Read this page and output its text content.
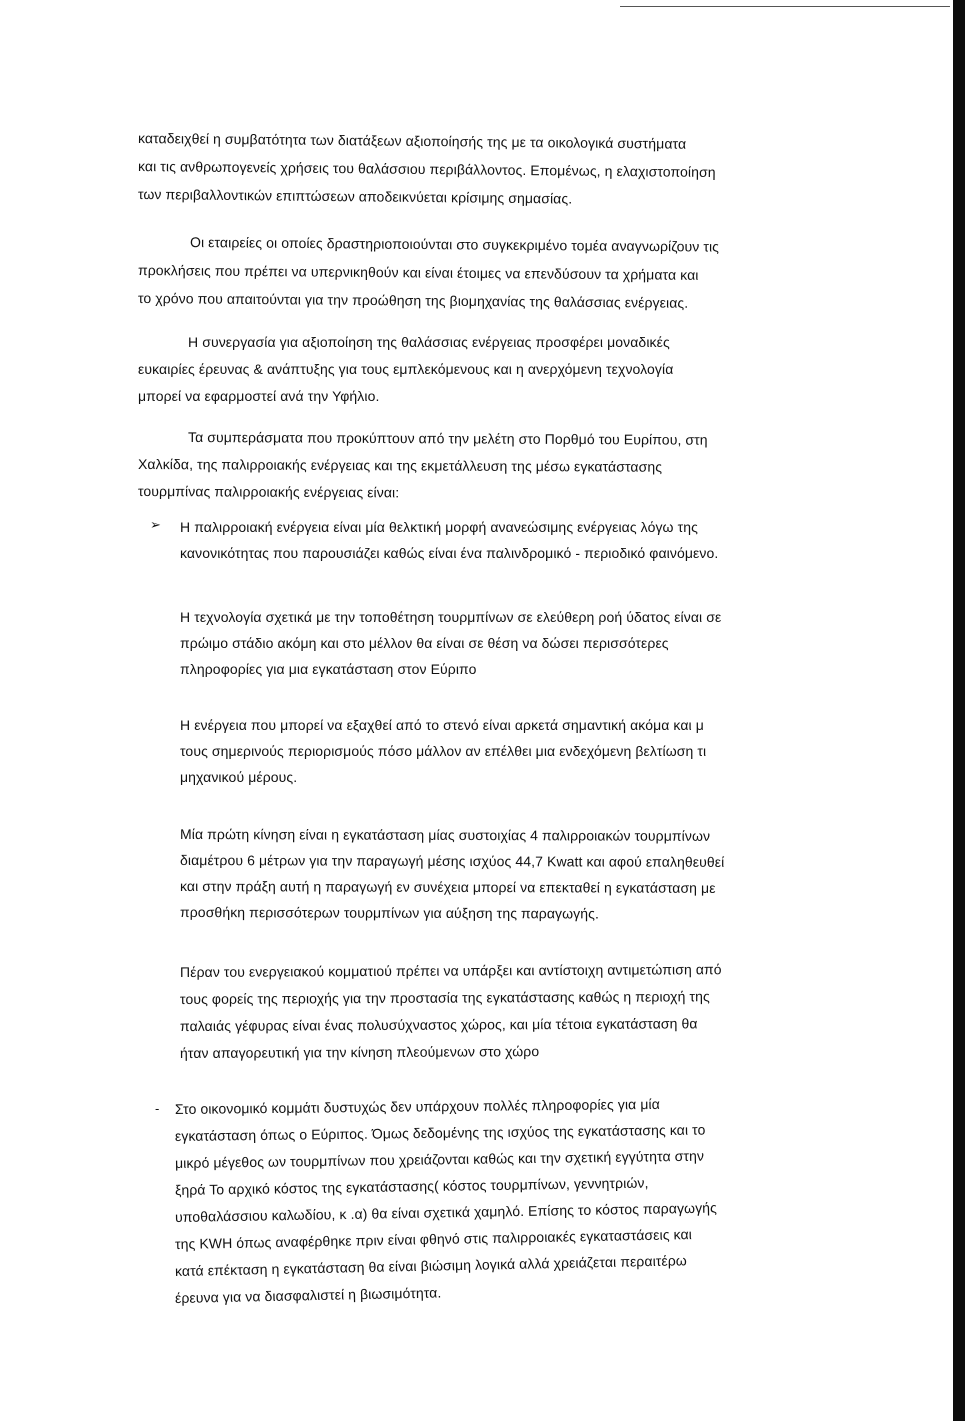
καταδειχθεί η συμβατότητα των διατάξεων αξιοποίησής της με τα οικολογικά συστήματα
και τις ανθρωπογενείς χρήσεις του θαλάσσιου περιβάλλοντος. Επομένως, η ελαχιστοποίηση
των περιβαλλοντικών επιπτώσεων αποδεικνύεται κρίσιμης σημασίας.
Οι εταιρείες οι οποίες δραστηριοποιούνται στο συγκεκριμένο τομέα αναγνωρίζουν τις
προκλήσεις που πρέπει να υπερνικηθούν και είναι έτοιμες να επενδύσουν τα χρήματα και
το χρόνο που απαιτούνται για την προώθηση της βιομηχανίας της θαλάσσιας ενέργειας.
Η συνεργασία για αξιοποίηση της θαλάσσιας ενέργειας προσφέρει μοναδικές
ευκαιρίες έρευνας & ανάπτυξης για τους εμπλεκόμενους και η ανερχόμενη τεχνολογία
μπορεί να εφαρμοστεί ανά την Υφήλιο.
Τα συμπεράσματα που προκύπτουν από την μελέτη στο Πορθμό του Ευρίπου, στη
Χαλκίδα, της παλιρροιακής ενέργειας και της εκμετάλλευση της μέσω εγκατάστασης
τουρμπίνας παλιρροιακής ενέργειας είναι:
➢ Η παλιρροιακή ενέργεια είναι μία θελκτική μορφή ανανεώσιμης ενέργειας λόγω της
κανονικότητας που παρουσιάζει καθώς είναι ένα παλινδρομικό - περιοδικό φαινόμενο.
Η τεχνολογία σχετικά με την τοποθέτηση τουρμπίνων σε ελεύθερη ροή ύδατος είναι σε
πρώιμο στάδιο ακόμη και στο μέλλον θα είναι σε θέση να δώσει περισσότερες
πληροφορίες για μια εγκατάσταση στον Εύριπο
Η ενέργεια που μπορεί να εξαχθεί από το στενό είναι αρκετά σημαντική ακόμα και μ
τους σημερινούς περιορισμούς πόσο μάλλον αν επέλθει μια ενδεχόμενη βελτίωση τι
μηχανικού μέρους.
Μία πρώτη κίνηση είναι η εγκατάσταση μίας συστοιχίας 4 παλιρροιακών τουρμπίνων
διαμέτρου 6 μέτρων για την παραγωγή μέσης ισχύος 44,7 Kwatt και αφού επαληθευθεί
και στην πράξη αυτή η παραγωγή εν συνέχεια μπορεί να επεκταθεί η εγκατάσταση με
προσθήκη περισσότερων τουρμπίνων για αύξηση της παραγωγής.
Πέραν του ενεργειακού κομματιού πρέπει να υπάρξει και αντίστοιχη αντιμετώπιση από
τους φορείς της περιοχής για την προστασία της εγκατάστασης καθώς η περιοχή της
παλαιάς γέφυρας είναι ένας πολυσύχναστος χώρος, και μία τέτοια εγκατάσταση θα
ήταν απαγορευτική για την κίνηση πλεούμενων στο χώρο
- Στο οικονομικό κομμάτι δυστυχώς δεν υπάρχουν πολλές πληροφορίες για μία
εγκατάσταση όπως ο Εύριπος. Όμως δεδομένης της ισχύος της εγκατάστασης και το
μικρό μέγεθος ων τουρμπίνων που χρειάζονται καθώς και την σχετική εγγύτητα στην
ξηρά Το αρχικό κόστος της εγκατάστασης( κόστος τουρμπίνων, γεννητριών,
υποθαλάσσιου καλωδίου, κ .α) θα είναι σχετικά χαμηλό. Επίσης το κόστος παραγωγής
της KWH όπως αναφέρθηκε πριν είναι φθηνό στις παλιρροιακές εγκαταστάσεις και
κατά επέκταση η εγκατάσταση θα είναι βιώσιμη λογικά αλλά χρειάζεται περαιτέρω
έρευνα για να διασφαλιστεί η βιωσιμότητα.
